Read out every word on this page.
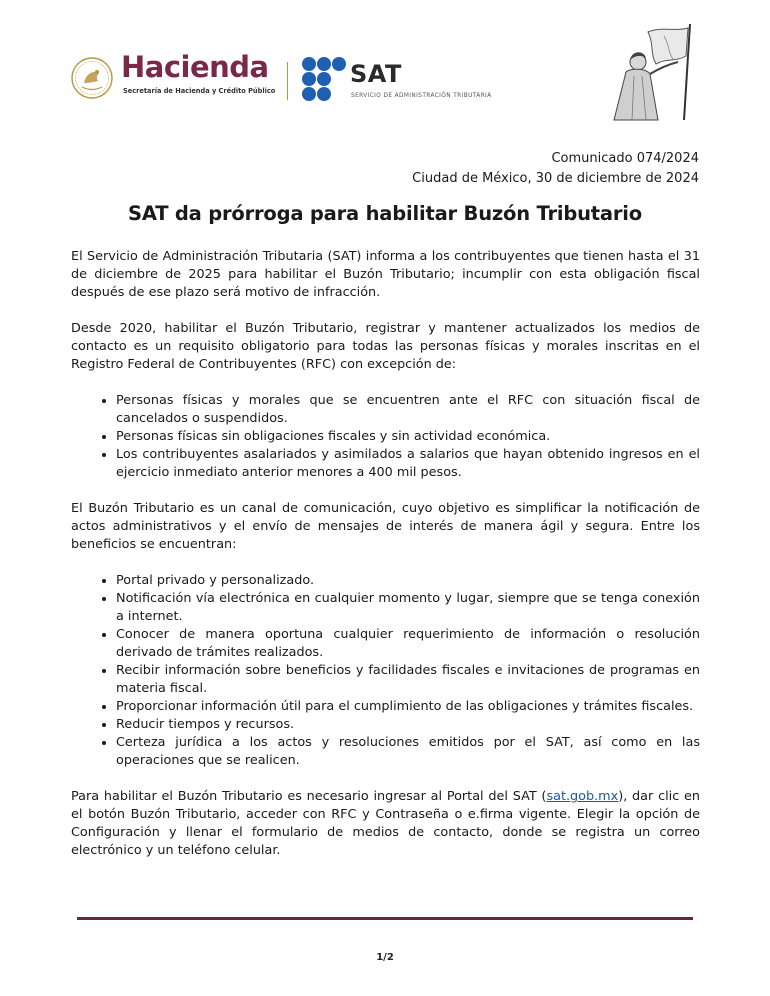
Hacienda
Secretaría de Hacienda y Crédito Público
SAT
SERVICIO DE ADMINISTRACIÓN TRIBUTARIA
Comunicado 074/2024
Ciudad de México, 30 de diciembre de 2024
SAT da prórroga para habilitar Buzón Tributario

El Servicio de Administración Tributaria (SAT) informa a los contribuyentes que tienen hasta el 31 de diciembre de 2025 para habilitar el Buzón Tributario; incumplir con esta obligación fiscal después de ese plazo será motivo de infracción.

Desde 2020, habilitar el Buzón Tributario, registrar y mantener actualizados los medios de contacto es un requisito obligatorio para todas las personas físicas y morales inscritas en el Registro Federal de Contribuyentes (RFC) con excepción de:

• Personas físicas y morales que se encuentren ante el RFC con situación fiscal de cancelados o suspendidos.
• Personas físicas sin obligaciones fiscales y sin actividad económica.
• Los contribuyentes asalariados y asimilados a salarios que hayan obtenido ingresos en el ejercicio inmediato anterior menores a 400 mil pesos.

El Buzón Tributario es un canal de comunicación, cuyo objetivo es simplificar la notificación de actos administrativos y el envío de mensajes de interés de manera ágil y segura. Entre los beneficios se encuentran:

• Portal privado y personalizado.
• Notificación vía electrónica en cualquier momento y lugar, siempre que se tenga conexión a internet.
• Conocer de manera oportuna cualquier requerimiento de información o resolución derivado de trámites realizados.
• Recibir información sobre beneficios y facilidades fiscales e invitaciones de programas en materia fiscal.
• Proporcionar información útil para el cumplimiento de las obligaciones y trámites fiscales.
• Reducir tiempos y recursos.
• Certeza jurídica a los actos y resoluciones emitidos por el SAT, así como en las operaciones que se realicen.

Para habilitar el Buzón Tributario es necesario ingresar al Portal del SAT (sat.gob.mx), dar clic en el botón Buzón Tributario, acceder con RFC y Contraseña o e.firma vigente. Elegir la opción de Configuración y llenar el formulario de medios de contacto, donde se registra un correo electrónico y un teléfono celular.

1/2
